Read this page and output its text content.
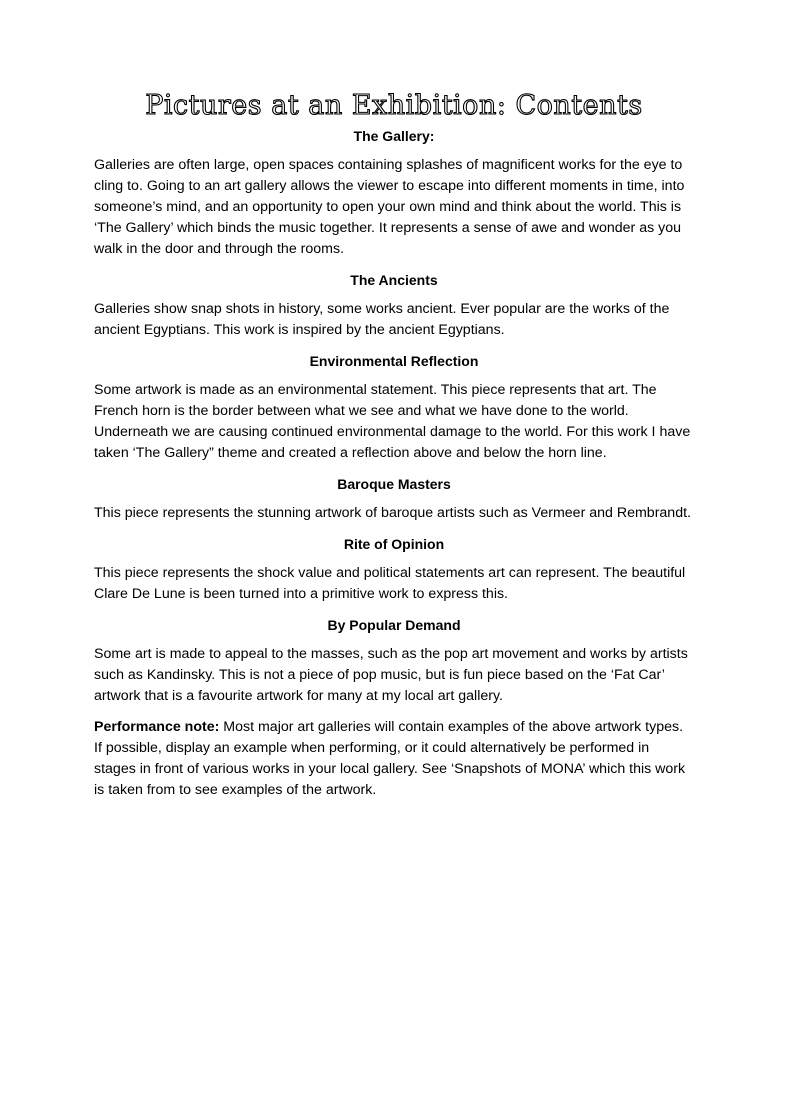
Pictures at an Exhibition: Contents
The Gallery:

Galleries are often large, open spaces containing splashes of magnificent works for the eye to cling to. Going to an art gallery allows the viewer to escape into different moments in time, into someone’s mind, and an opportunity to open your own mind and think about the world. This is ‘The Gallery’ which binds the music together. It represents a sense of awe and wonder as you walk in the door and through the rooms.

The Ancients

Galleries show snap shots in history, some works ancient. Ever popular are the works of the ancient Egyptians. This work is inspired by the ancient Egyptians.

Environmental Reflection

Some artwork is made as an environmental statement. This piece represents that art. The French horn is the border between what we see and what we have done to the world. Underneath we are causing continued environmental damage to the world. For this work I have taken ‘The Gallery” theme and created a reflection above and below the horn line.

Baroque Masters

This piece represents the stunning artwork of baroque artists such as Vermeer and Rembrandt.

Rite of Opinion

This piece represents the shock value and political statements art can represent. The beautiful Clare De Lune is been turned into a primitive work to express this.

By Popular Demand

Some art is made to appeal to the masses, such as the pop art movement and works by artists such as Kandinsky. This is not a piece of pop music, but is fun piece based on the ‘Fat Car’ artwork that is a favourite artwork for many at my local art gallery.

Performance note: Most major art galleries will contain examples of the above artwork types. If possible, display an example when performing, or it could alternatively be performed in stages in front of various works in your local gallery. See ‘Snapshots of MONA’ which this work is taken from to see examples of the artwork.
